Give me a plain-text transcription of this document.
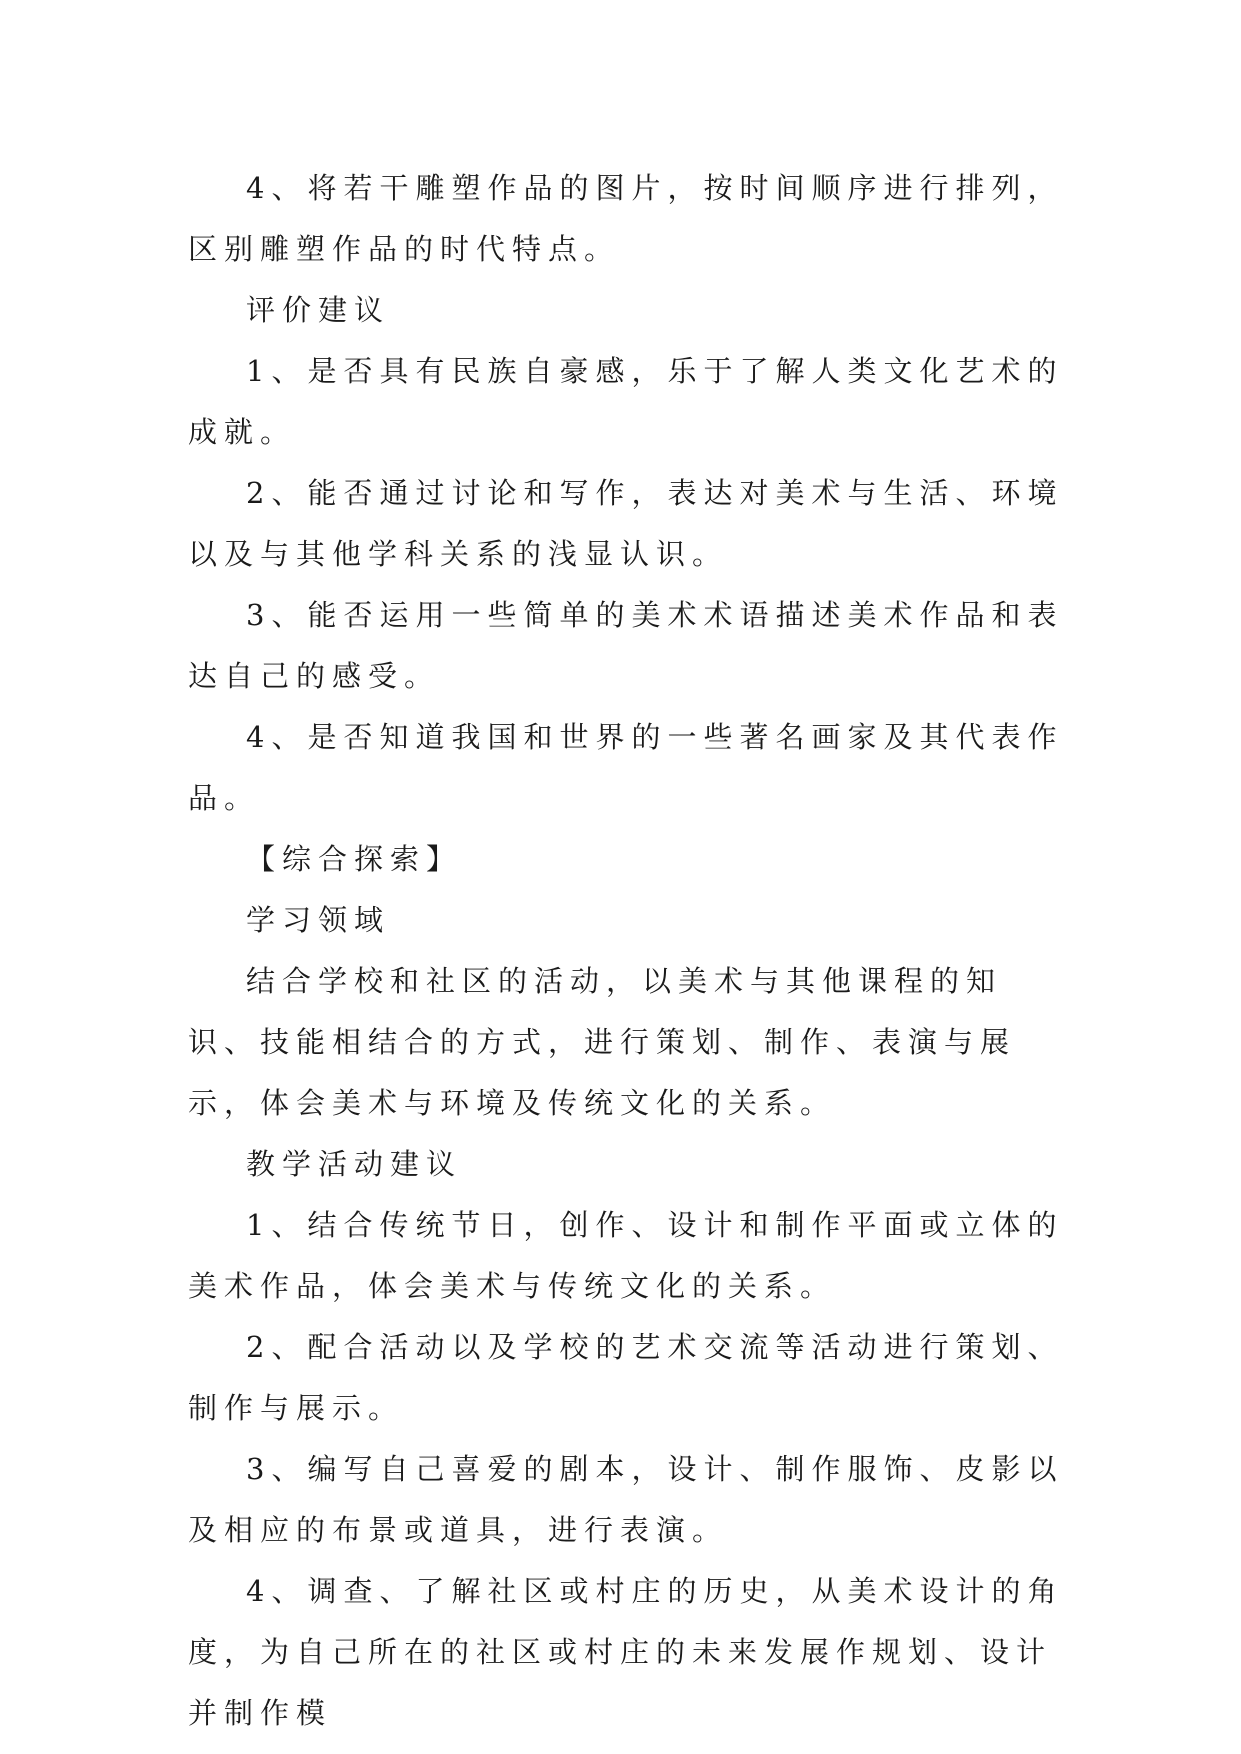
4、将若干雕塑作品的图片，按时间顺序进行排列，区别雕塑作品的时代特点。

评价建议

1、是否具有民族自豪感，乐于了解人类文化艺术的成就。

2、能否通过讨论和写作，表达对美术与生活、环境以及与其他学科关系的浅显认识。

3、能否运用一些简单的美术术语描述美术作品和表达自己的感受。

4、是否知道我国和世界的一些著名画家及其代表作品。

【综合探索】

学习领域

结合学校和社区的活动，以美术与其他课程的知识、技能相结合的方式，进行策划、制作、表演与展示，体会美术与环境及传统文化的关系。

教学活动建议

1、结合传统节日，创作、设计和制作平面或立体的美术作品，体会美术与传统文化的关系。

2、配合活动以及学校的艺术交流等活动进行策划、制作与展示。

3、编写自己喜爱的剧本，设计、制作服饰、皮影以及相应的布景或道具，进行表演。

4、调查、了解社区或村庄的历史，从美术设计的角度，为自己所在的社区或村庄的未来发展作规划、设计并制作模
